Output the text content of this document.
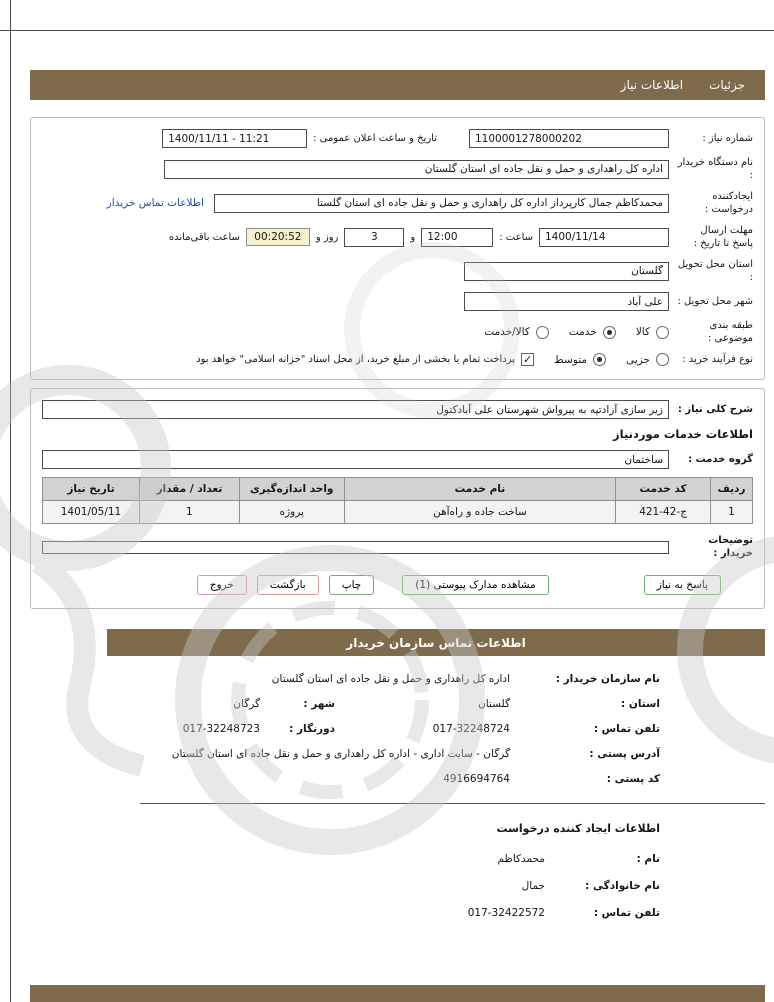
جزئیات
اطلاعات نیاز
شماره نیاز :
1100001278000202
تاریخ و ساعت اعلان عمومی :
1400/11/11 - 11:21
نام دستگاه خریدار :
اداره کل راهداری و حمل و نقل جاده ای استان گلستان
ایجادکننده
درخواست :
محمدکاظم جمال کارپرداز اداره کل راهداری و حمل و نقل جاده ای استان گلستا
اطلاعات تماس خریدار
مهلت ارسال
پاسخ تا تاریخ :
1400/11/14
ساعت :
12:00
و
3
روز و
00:20:52
ساعت باقی‌مانده
استان محل تحویل :
گلستان
شهر محل تحویل :
علی آباد
طبقه بندی موضوعی :
کالا
خدمت
کالا/خدمت
نوع فرآیند خرید :
جزیی
متوسط
✓
پرداخت تمام یا بخشی از مبلغ خرید، از محل اسناد "خزانه اسلامی" خواهد بود
شرح کلی نیاز :
زیر سازی آزادتپه به پیرواش شهرستان علی آبادکتول
اطلاعات خدمات موردنیاز
گروه خدمت :
ساختمان
ردیف	کد خدمت	نام خدمت	واحد اندازه‌گیری	تعداد / مقدار	تاریخ نیاز
1	ج-42-421	ساخت جاده و راه‌آهن	پروژه	1	1401/05/11
توضیحات
خریدار :
پاسخ به نیاز
مشاهده مدارک پیوستی (1)
چاپ
بازگشت
خروج
اطلاعات تماس سازمان خریدار
نام سازمان خریدار :
اداره کل راهداری و حمل و نقل جاده ای استان گلستان
استان :
گلستان
شهر :
گرگان
تلفن تماس :
017-32248724
دورنگار :
017-32248723
آدرس پستی :
گرگان - سایت اداری - اداره کل راهداری و حمل و نقل جاده ای استان گلستان
کد پستی :
4916694764
اطلاعات ایجاد کننده درخواست
نام :
محمدکاظم
نام خانوادگی :
جمال
تلفن تماس :
017-32422572
